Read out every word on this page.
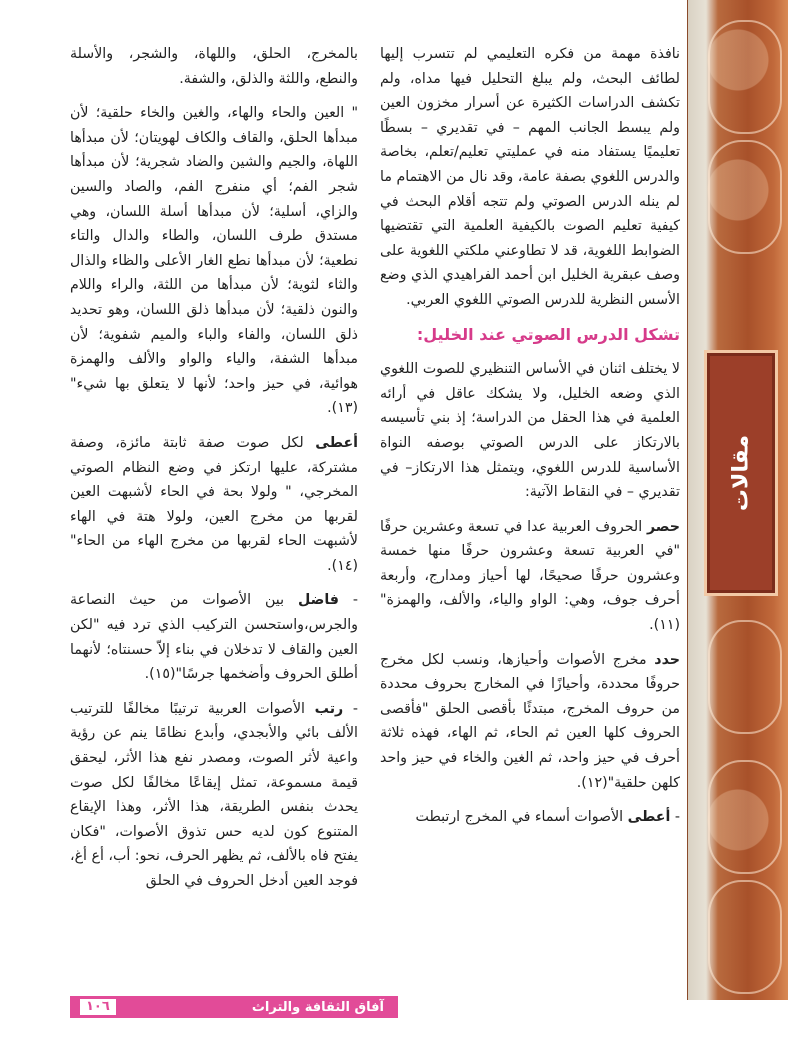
مقالات

نافذة مهمة من فكره التعليمي لم تتسرب إليها لطائف البحث، ولم يبلغ التحليل فيها مداه، ولم تكشف الدراسات الكثيرة عن أسرار مخزون العين ولم يبسط الجانب المهم – في تقديري – بسطًا تعليميًا يستفاد منه في عمليتي تعليم/تعلم، بخاصة والدرس اللغوي بصفة عامة، وقد نال من الاهتمام ما لم ينله الدرس الصوتي ولم تتجه أقلام البحث في كيفية تعليم الصوت بالكيفية العلمية التي تقتضيها الضوابط اللغوية، قد لا تطاوعني ملكتي اللغوية على وصف عبقرية الخليل ابن أحمد الفراهيدي الذي وضع الأسس النظرية للدرس الصوتي اللغوي العربي.

تشكل الدرس الصوتي عند الخليل:

لا يختلف اثنان في الأساس التنظيري للصوت اللغوي الذي وضعه الخليل، ولا يشكك عاقل في أرائه العلمية في هذا الحقل من الدراسة؛ إذ بني تأسيسه بالارتكاز على الدرس الصوتي بوصفه النواة الأساسية للدرس اللغوي، ويتمثل هذا الارتكاز– في تقديري – في النقاط الآتية:

حصر الحروف العربية عدا في تسعة وعشرين حرفًا "في العربية تسعة وعشرون حرفًا منها خمسة وعشرون حرفًا صحيحًا، لها أحياز ومدارج، وأربعة أحرف جوف، وهي: الواو والياء، والألف، والهمزة"(١١).

حدد مخرج الأصوات وأحيازها، ونسب لكل مخرج حروفًا محددة، وأحيازًا في المخارج بحروف محددة من حروف المخرج، مبتدئًا بأقصى الحلق "فأقصى الحروف كلها العين ثم الحاء، ثم الهاء، فهذه ثلاثة أحرف في حيز واحد، ثم الغين والخاء في حيز واحد كلهن حلقية"(١٢).

- أعطى الأصوات أسماء في المخرج ارتبطت

بالمخرج، الحلق، واللهاة، والشجر، والأسلة والنطع، واللثة والذلق، والشفة.

" العين والحاء والهاء، والغين والخاء حلقية؛ لأن مبدأها الحلق، والقاف والكاف لهويتان؛ لأن مبدأها اللهاة، والجيم والشين والضاد شجرية؛ لأن مبدأها شجر الفم؛ أي منفرج الفم، والصاد والسين والزاي، أسلية؛ لأن مبدأها أسلة اللسان، وهي مستدق طرف اللسان، والطاء والدال والتاء نطعية؛ لأن مبدأها نطع الغار الأعلى والظاء والذال والثاء لثوية؛ لأن مبدأها من اللثة، والراء واللام والنون ذلقية؛ لأن مبدأها ذلق اللسان، وهو تحديد ذلق اللسان، والفاء والباء والميم شفوية؛ لأن مبدأها الشفة، والياء والواو والألف والهمزة هوائية، في حيز واحد؛ لأنها لا يتعلق بها شيء"(١٣).

أعطى لكل صوت صفة ثابتة مائزة، وصفة مشتركة، عليها ارتكز في وضع النظام الصوتي المخرجي، " ولولا بحة في الحاء لأشبهت العين لقربها من مخرج العين، ولولا هتة في الهاء لأشبهت الحاء لقربها من مخرج الهاء من الحاء"(١٤).

- فاضل بين الأصوات من حيث النصاعة والجرس،واستحسن التركيب الذي ترد فيه "لكن العين والقاف لا تدخلان في بناء إلاّ حسنتاه؛ لأنهما أطلق الحروف وأضخمها جرسًا"(١٥).

- رتب الأصوات العربية ترتيبًا مخالفًا للترتيب الألف بائي والأبجدي، وأبدع نظامًا ينم عن رؤية واعية لأثر الصوت، ومصدر نفع هذا الأثر، ليحقق قيمة مسموعة، تمثل إيقاعًا مخالفًا لكل صوت يحدث بنفس الطريقة، هذا الأثر، وهذا الإيقاع المتنوع كون لديه حس تذوق الأصوات، "فكان يفتح فاه بالألف، ثم يظهر الحرف، نحو: أب، أع أغ، فوجد العين أدخل الحروف في الحلق

آفاق الثقافة والتراث
١٠٦
